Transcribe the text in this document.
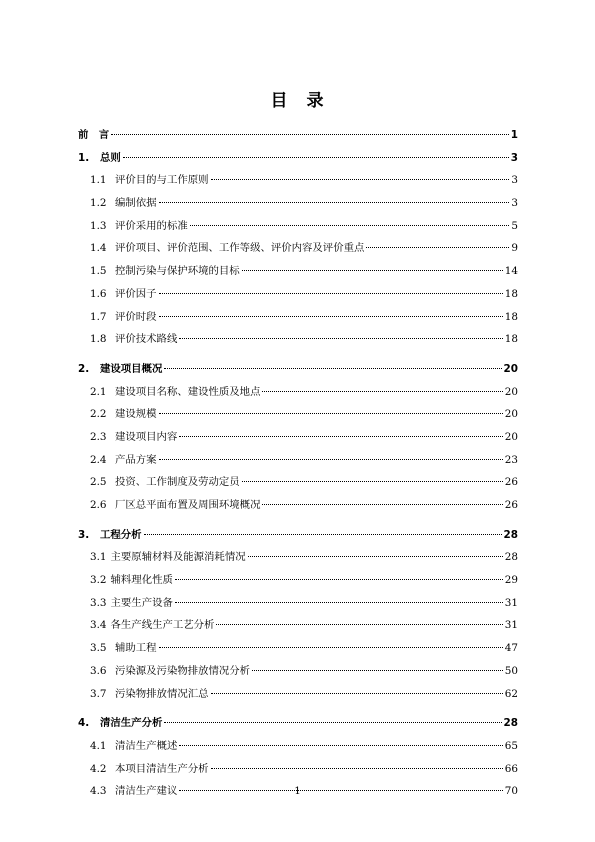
目 录
前　言	1
1.	总则	3
1.1 评价目的与工作原则	3
1.2 编制依据	3
1.3 评价采用的标准	5
1.4 评价项目、评价范围、工作等级、评价内容及评价重点	9
1.5 控制污染与保护环境的目标	14
1.6 评价因子	18
1.7 评价时段	18
1.8 评价技术路线	18
2.	建设项目概况	20
2.1 建设项目名称、建设性质及地点	20
2.2 建设规模	20
2.3 建设项目内容	20
2.4 产品方案	23
2.5 投资、工作制度及劳动定员	26
2.6 厂区总平面布置及周围环境概况	26
3.	工程分析	28
3.1 主要原辅材料及能源消耗情况	28
3.2 辅料理化性质	29
3.3 主要生产设备	31
3.4 各生产线生产工艺分析	31
3.5 辅助工程	47
3.6 污染源及污染物排放情况分析	50
3.7 污染物排放情况汇总	62
4.	清洁生产分析	28
4.1 清洁生产概述	65
4.2 本项目清洁生产分析	66
4.3 清洁生产建议	70
1
